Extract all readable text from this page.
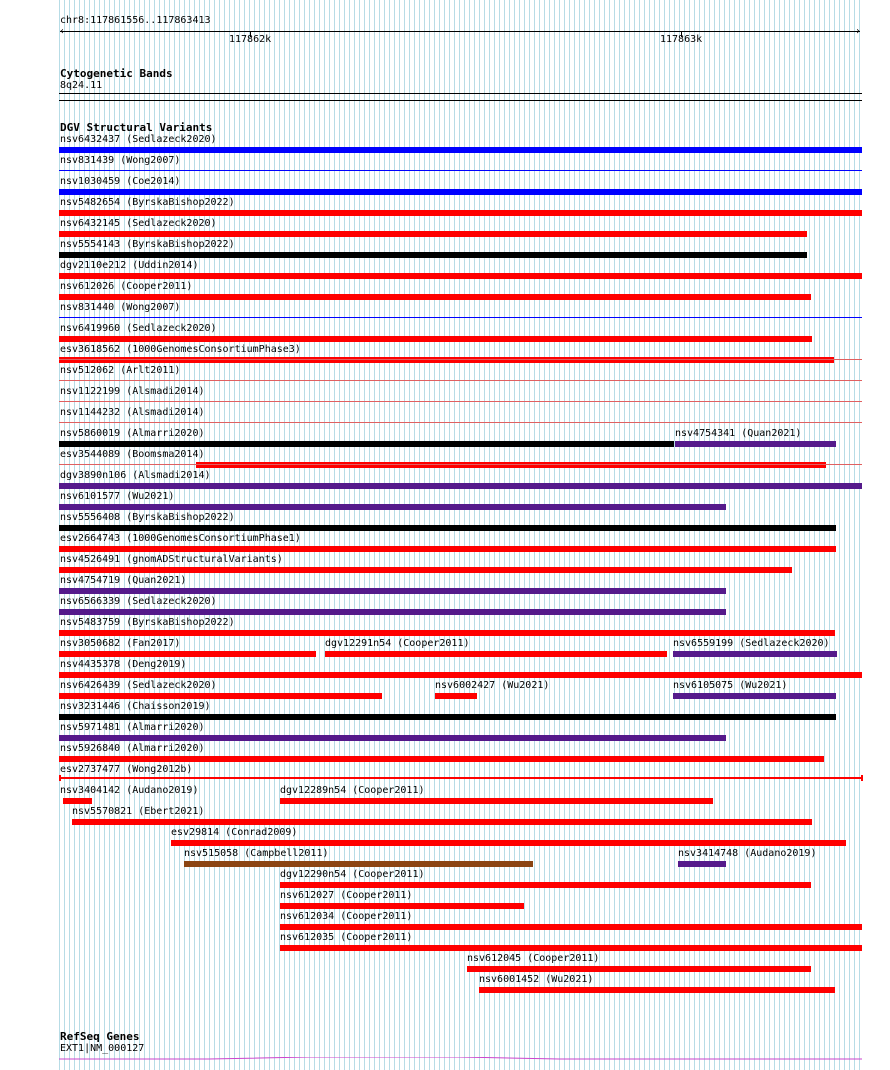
chr8:117861556..117863413
‹	›
117862k	117863k
Cytogenetic Bands
8q24.11
DGV Structural Variants
nsv6432437 (Sedlazeck2020)
nsv831439 (Wong2007)
nsv1030459 (Coe2014)
nsv5482654 (ByrskaBishop2022)
nsv6432145 (Sedlazeck2020)
nsv5554143 (ByrskaBishop2022)
dgv2110e212 (Uddin2014)
nsv612026 (Cooper2011)
nsv831440 (Wong2007)
nsv6419960 (Sedlazeck2020)
esv3618562 (1000GenomesConsortiumPhase3)
nsv512062 (Arlt2011)
nsv1122199 (Alsmadi2014)
nsv1144232 (Alsmadi2014)
nsv5860019 (Almarri2020)	nsv4754341 (Quan2021)
esv3544089 (Boomsma2014)
dgv3890n106 (Alsmadi2014)
nsv6101577 (Wu2021)
nsv5556408 (ByrskaBishop2022)
esv2664743 (1000GenomesConsortiumPhase1)
nsv4526491 (gnomADStructuralVariants)
nsv4754719 (Quan2021)
nsv6566339 (Sedlazeck2020)
nsv5483759 (ByrskaBishop2022)
nsv3050682 (Fan2017)	dgv12291n54 (Cooper2011)	nsv6559199 (Sedlazeck2020)
nsv4435378 (Deng2019)
nsv6426439 (Sedlazeck2020)	nsv6002427 (Wu2021)	nsv6105075 (Wu2021)
nsv3231446 (Chaisson2019)
nsv5971481 (Almarri2020)
nsv5926840 (Almarri2020)
esv2737477 (Wong2012b)
nsv3404142 (Audano2019)	dgv12289n54 (Cooper2011)
nsv5570821 (Ebert2021)
esv29814 (Conrad2009)
nsv515058 (Campbell2011)	nsv3414748 (Audano2019)
dgv12290n54 (Cooper2011)
nsv612027 (Cooper2011)
nsv612034 (Cooper2011)
nsv612035 (Cooper2011)
nsv612045 (Cooper2011)
nsv6001452 (Wu2021)
RefSeq Genes
EXT1|NM_000127
